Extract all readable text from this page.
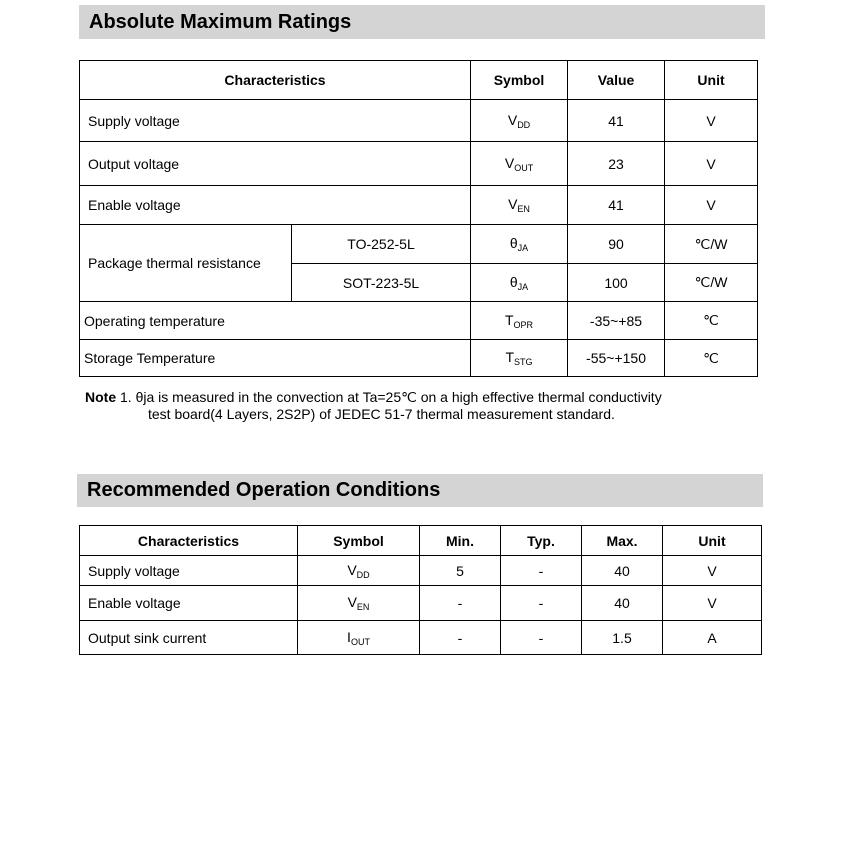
Absolute Maximum Ratings
Characteristics		Symbol	Value	Unit
Supply voltage		$V_{DD}$	41	V
Output voltage		$V_{OUT}$	23	V
Enable voltage		$V_{EN}$	41	V
Package thermal resistance	TO-252-5L	$\theta_{JA}$	90	℃/W
	SOT-223-5L	$\theta_{JA}$	100	℃/W
Operating temperature		$T_{OPR}$	-35~+85	℃
Storage Temperature		$T_{STG}$	-55~+150	℃
Note 1. θja is measured in the convection at Ta=25℃ on a high effective thermal conductivity
test board(4 Layers, 2S2P) of JEDEC 51-7 thermal measurement standard.
Recommended Operation Conditions
Characteristics	Symbol	Min.	Typ.	Max.	Unit
Supply voltage	$V_{DD}$	5	-	40	V
Enable voltage	$V_{EN}$	-	-	40	V
Output sink current	$I_{OUT}$	-	-	1.5	A
